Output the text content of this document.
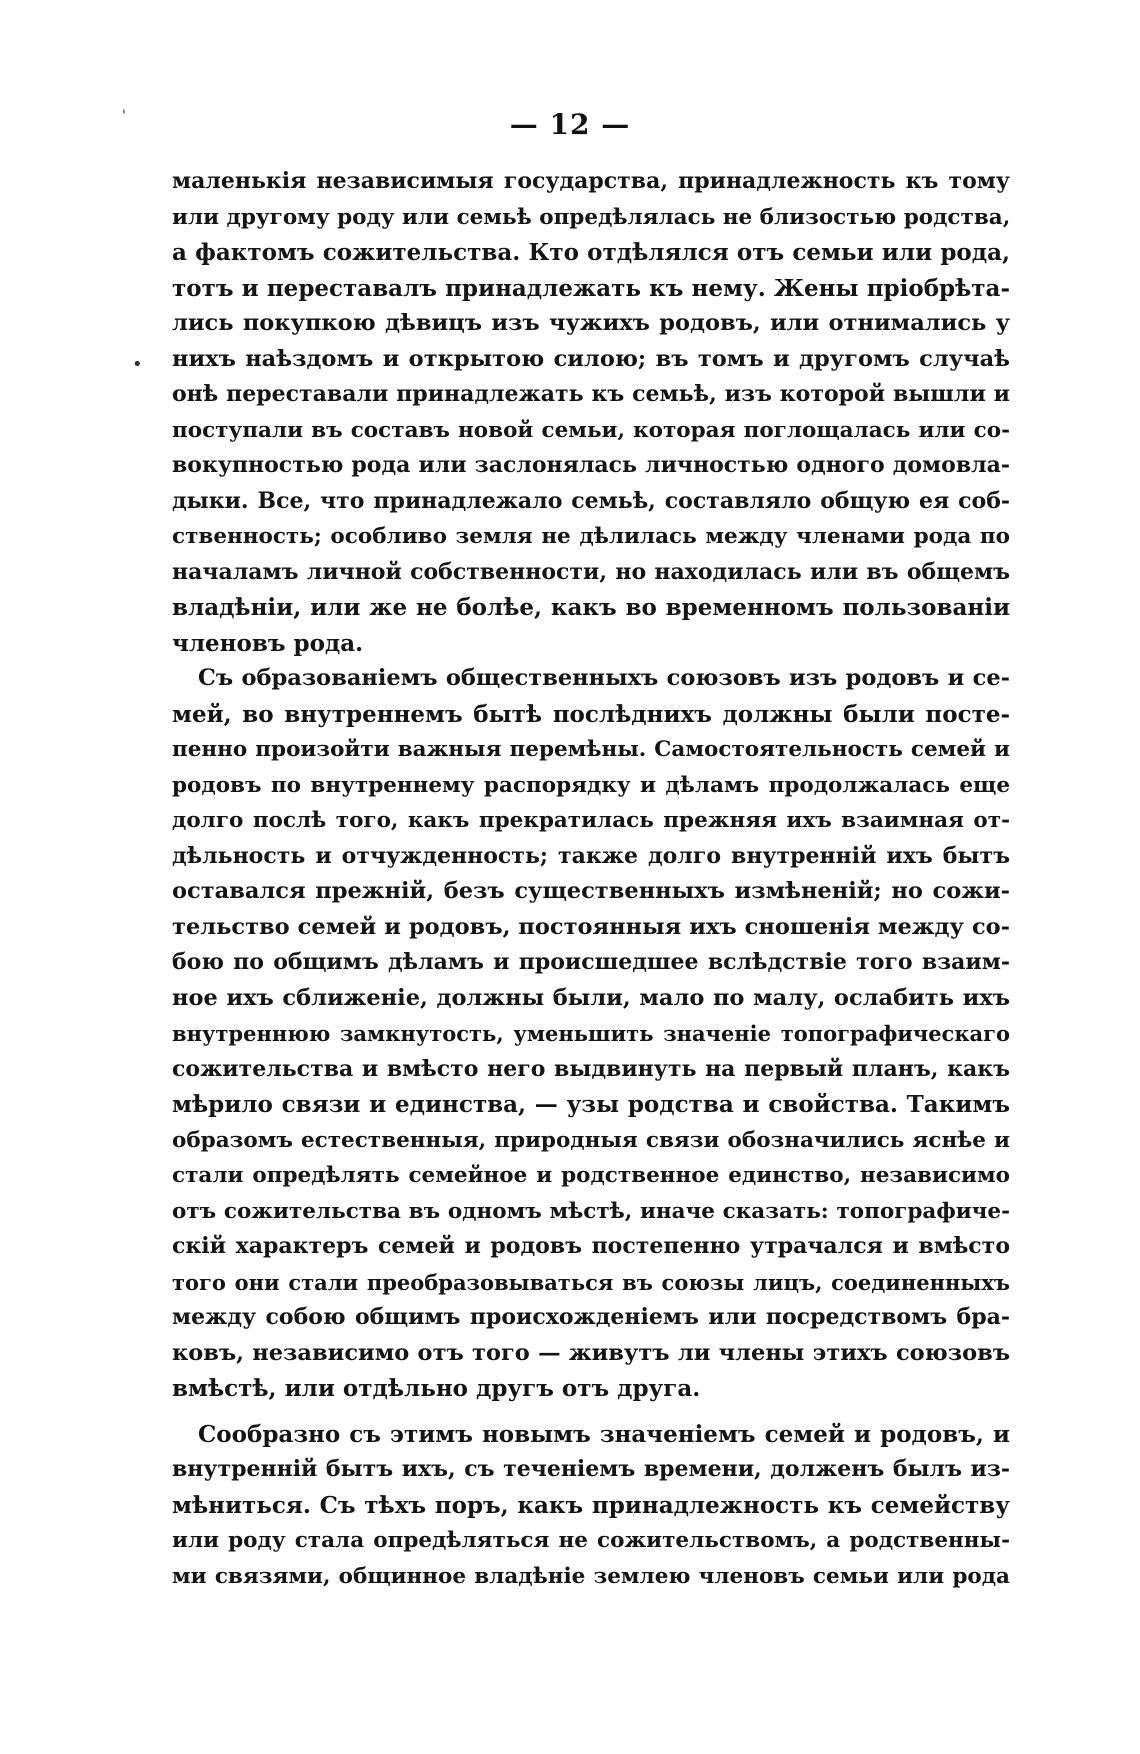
— 12 —
'
•
маленькія независимыя государства, принадлежность къ тому
или другому роду или семьѣ опредѣлялась не близостью родства,
а фактомъ сожительства. Кто отдѣлялся отъ семьи или рода,
тотъ и переставалъ принадлежать къ нему. Жены пріобрѣта-
лись покупкою дѣвицъ изъ чужихъ родовъ, или отнимались у
нихъ наѣздомъ и открытою силою; въ томъ и другомъ случаѣ
онѣ переставали принадлежать къ семьѣ, изъ которой вышли и
поступали въ составъ новой семьи, которая поглощалась или со-
вокупностью рода или заслонялась личностью одного домовла-
дыки. Все, что принадлежало семьѣ, составляло общую ея соб-
ственность; особливо земля не дѣлилась между членами рода по
началамъ личной собственности, но находилась или въ общемъ
владѣніи, или же не болѣе, какъ во временномъ пользованіи
членовъ рода.
Съ образованіемъ общественныхъ союзовъ изъ родовъ и се-
мей, во внутреннемъ бытѣ послѣднихъ должны были посте-
пенно произойти важныя перемѣны. Самостоятельность семей и
родовъ по внутреннему распорядку и дѣламъ продолжалась еще
долго послѣ того, какъ прекратилась прежняя ихъ взаимная от-
дѣльность и отчужденность; также долго внутренній ихъ бытъ
оставался прежній, безъ существенныхъ измѣненій; но сожи-
тельство семей и родовъ, постоянныя ихъ сношенія между со-
бою по общимъ дѣламъ и происшедшее вслѣдствіе того взаим-
ное ихъ сближеніе, должны были, мало по малу, ослабить ихъ
внутреннюю замкнутость, уменьшить значеніе топографическаго
сожительства и вмѣсто него выдвинуть на первый планъ, какъ
мѣрило связи и единства, — узы родства и свойства. Такимъ
образомъ естественныя, природныя связи обозначились яснѣе и
стали опредѣлять семейное и родственное единство, независимо
отъ сожительства въ одномъ мѣстѣ, иначе сказать: топографиче-
скій характеръ семей и родовъ постепенно утрачался и вмѣсто
того они стали преобразовываться въ союзы лицъ, соединенныхъ
между собою общимъ происхожденіемъ или посредствомъ бра-
ковъ, независимо отъ того — живутъ ли члены этихъ союзовъ
вмѣстѣ, или отдѣльно другъ отъ друга.
Сообразно съ этимъ новымъ значеніемъ семей и родовъ, и
внутренній бытъ ихъ, съ теченіемъ времени, долженъ былъ из-
мѣниться. Съ тѣхъ поръ, какъ принадлежность къ семейству
или роду стала опредѣляться не сожительствомъ, а родственны-
ми связями, общинное владѣніе землею членовъ семьи или рода
